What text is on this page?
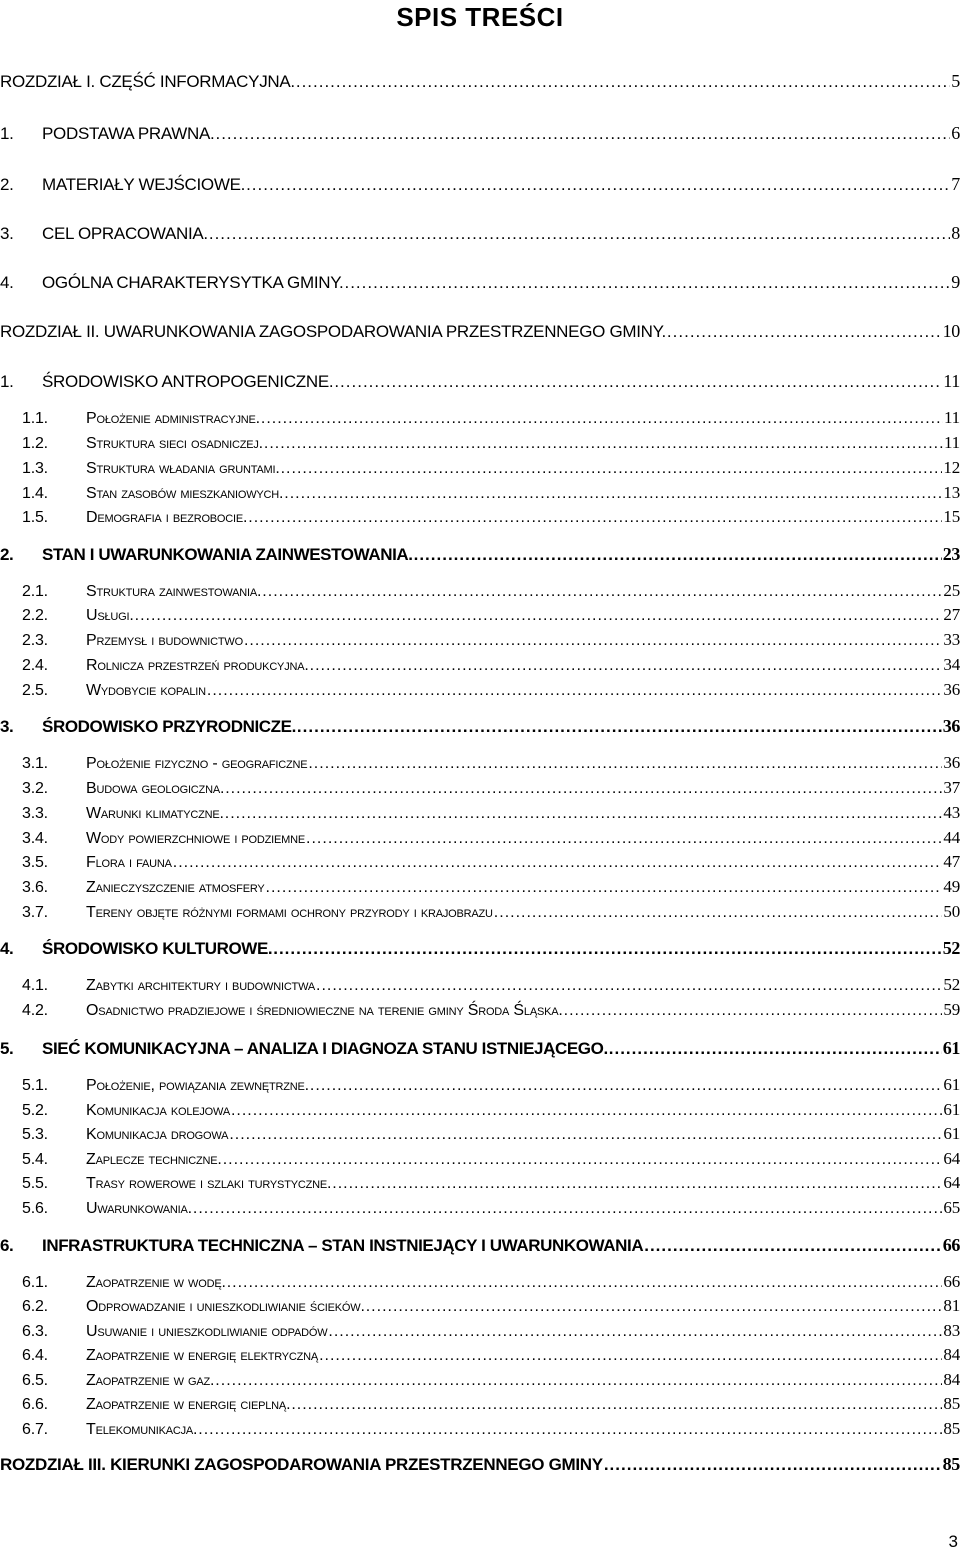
SPIS TREŚCI
ROZDZIAŁ I. CZĘŚĆ INFORMACYJNA. .....	5
1.	PODSTAWA PRAWNA. .....	6
2.	MATERIAŁY WEJŚCIOWE. .....	7
3.	CEL OPRACOWANIA. .....	8
4.	OGÓLNA CHARAKTERYSYTKA GMINY. .....	9
ROZDZIAŁ II. UWARUNKOWANIA ZAGOSPODAROWANIA PRZESTRZENNEGO GMINY. .....	10
1.	ŚRODOWISKO ANTROPOGENICZNE. .....	11
1.1.	Położenie administracyjne. .....	11
1.2.	Struktura sieci osadniczej. .....	11
1.3.	Struktura władania gruntami. .....	12
1.4.	Stan zasobów mieszkaniowych. .....	13
1.5.	Demografia i bezrobocie. .....	15
2.	STAN I UWARUNKOWANIA ZAINWESTOWANIA. .....	23
2.1.	Struktura zainwestowania. .....	25
2.2.	Usługi. .....	27
2.3.	Przemysł i budownictwo .....	33
2.4.	Rolnicza przestrzeń produkcyjna. .....	34
2.5.	Wydobycie kopalin .....	36
3.	ŚRODOWISKO PRZYRODNICZE. .....	36
3.1.	Położenie fizyczno - geograficzne .....	36
3.2.	Budowa geologiczna. .....	37
3.3.	Warunki klimatyczne. .....	43
3.4.	Wody powierzchniowe i podziemne .....	44
3.5.	Flora i fauna .....	47
3.6.	Zanieczyszczenie atmosfery .....	49
3.7.	Tereny objęte różnymi formami ochrony przyrody i krajobrazu .....	50
4.	ŚRODOWISKO KULTUROWE. .....	52
4.1.	Zabytki architektury i budownictwa .....	52
4.2.	Osadnictwo pradziejowe i średniowieczne na terenie gminy Środa Śląska. .....	59
5.	SIEĆ KOMUNIKACYJNA – ANALIZA I DIAGNOZA STANU ISTNIEJĄCEGO. .....	61
5.1.	Położenie, powiązania zewnętrzne. .....	61
5.2.	Komunikacja kolejowa .....	61
5.3.	Komunikacja drogowa .....	61
5.4.	Zaplecze techniczne. .....	64
5.5.	Trasy rowerowe i szlaki turystyczne. .....	64
5.6.	Uwarunkowania. .....	65
6.	INFRASTRUKTURA TECHNICZNA – STAN INSTNIEJĄCY I UWARUNKOWANIA .....	66
6.1.	Zaopatrzenie w wodę. .....	66
6.2.	Odprowadzanie i unieszkodliwianie ścieków. .....	81
6.3.	Usuwanie i unieszkodliwianie odpadów .....	83
6.4.	Zaopatrzenie w energię elektryczną .....	84
6.5.	Zaopatrzenie w gaz. .....	84
6.6.	Zaopatrzenie w energię cieplną. .....	85
6.7.	Telekomunikacja. .....	85
ROZDZIAŁ III. KIERUNKI ZAGOSPODAROWANIA PRZESTRZENNEGO GMINY .....	85
3
